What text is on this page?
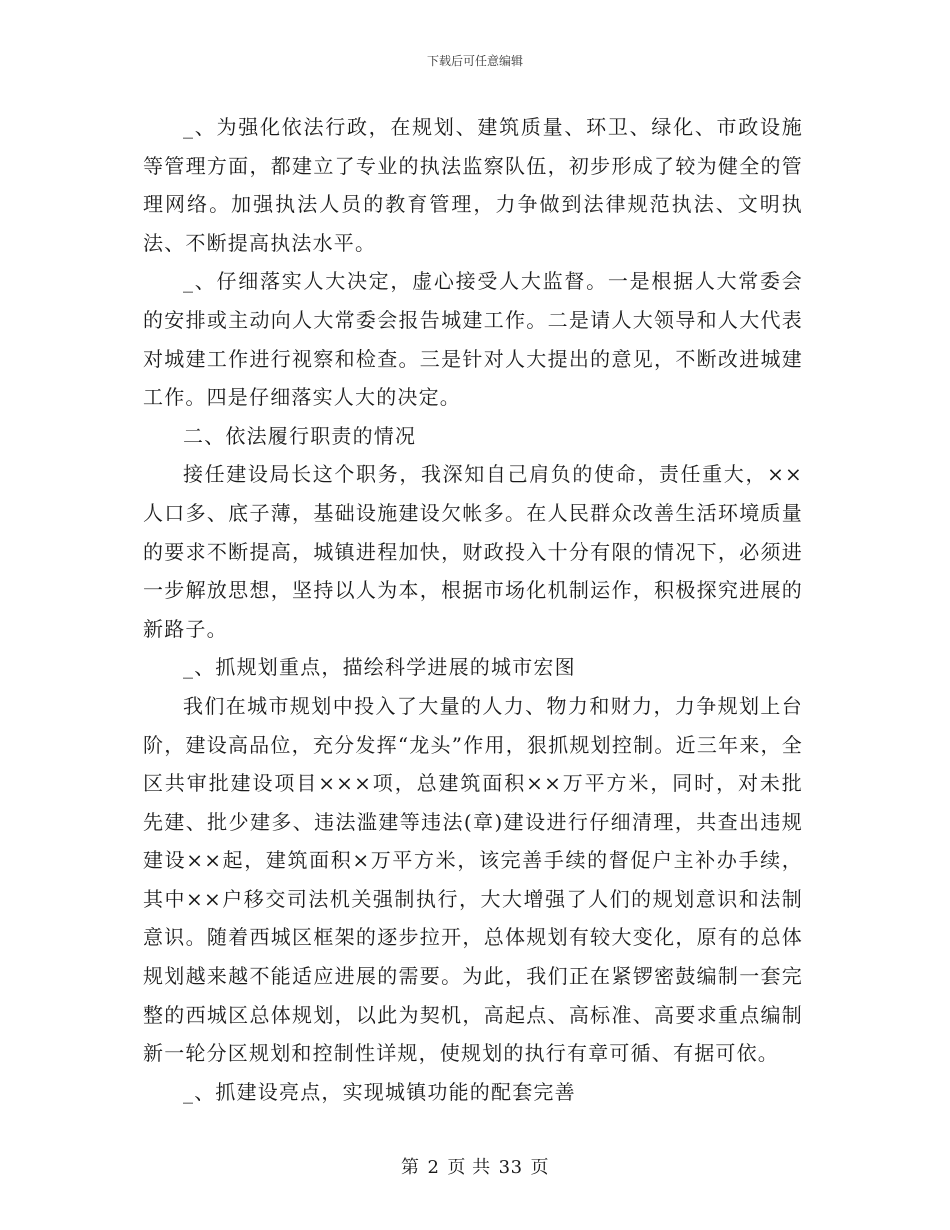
下载后可任意编辑

_、为强化依法行政，在规划、建筑质量、环卫、绿化、市政设施等管理方面，都建立了专业的执法监察队伍，初步形成了较为健全的管理网络。加强执法人员的教育管理，力争做到法律规范执法、文明执法、不断提高执法水平。

_、仔细落实人大决定，虚心接受人大监督。一是根据人大常委会的安排或主动向人大常委会报告城建工作。二是请人大领导和人大代表对城建工作进行视察和检查。三是针对人大提出的意见，不断改进城建工作。四是仔细落实人大的决定。

二、依法履行职责的情况

接任建设局长这个职务，我深知自己肩负的使命，责任重大，××人口多、底子薄，基础设施建设欠帐多。在人民群众改善生活环境质量的要求不断提高，城镇进程加快，财政投入十分有限的情况下，必须进一步解放思想，坚持以人为本，根据市场化机制运作，积极探究进展的新路子。

_、抓规划重点，描绘科学进展的城市宏图

我们在城市规划中投入了大量的人力、物力和财力，力争规划上台阶，建设高品位，充分发挥“龙头”作用，狠抓规划控制。近三年来，全区共审批建设项目×××项，总建筑面积××万平方米，同时，对未批先建、批少建多、违法滥建等违法(章)建设进行仔细清理，共查出违规建设××起，建筑面积×万平方米，该完善手续的督促户主补办手续，其中××户移交司法机关强制执行，大大增强了人们的规划意识和法制意识。随着西城区框架的逐步拉开，总体规划有较大变化，原有的总体规划越来越不能适应进展的需要。为此，我们正在紧锣密鼓编制一套完整的西城区总体规划，以此为契机，高起点、高标准、高要求重点编制新一轮分区规划和控制性详规，使规划的执行有章可循、有据可依。

_、抓建设亮点，实现城镇功能的配套完善

第 2 页 共 33 页
